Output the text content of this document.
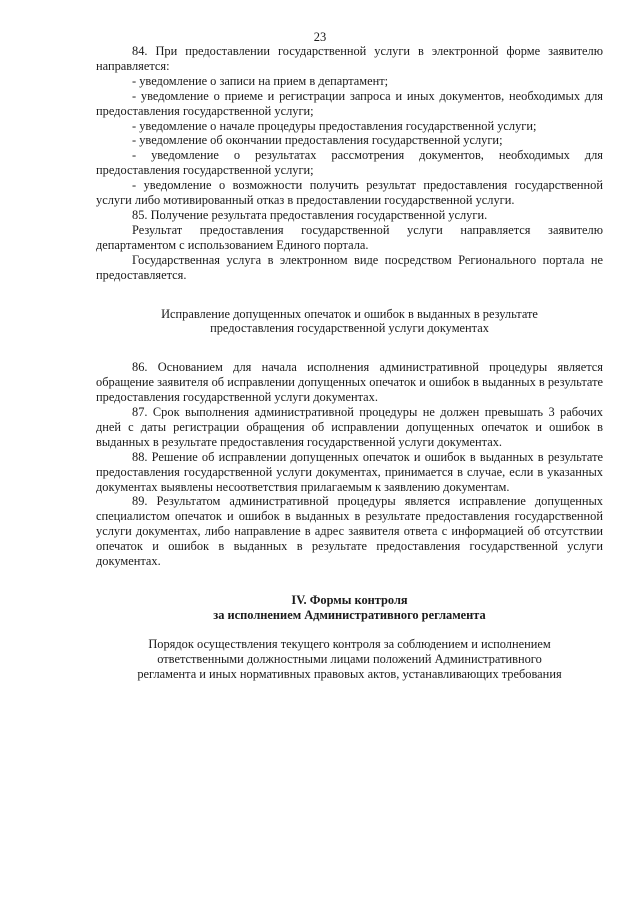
23

84. При предоставлении государственной услуги в электронной форме заявителю направляется:

- уведомление о записи на прием в департамент;

- уведомление о приеме и регистрации запроса и иных документов, необходимых для предоставления государственной услуги;

- уведомление о начале процедуры предоставления государственной услуги;

- уведомление об окончании предоставления государственной услуги;

- уведомление о результатах рассмотрения документов, необходимых для предоставления государственной услуги;

- уведомление о возможности получить результат предоставления государственной услуги либо мотивированный отказ в предоставлении государственной услуги.

85. Получение результата предоставления государственной услуги.

Результат предоставления государственной услуги направляется заявителю департаментом с использованием Единого портала.

Государственная услуга в электронном виде посредством Регионального портала не предоставляется.

Исправление допущенных опечаток и ошибок в выданных в результате
предоставления государственной услуги документах

86. Основанием для начала исполнения административной процедуры является обращение заявителя об исправлении допущенных опечаток и ошибок в выданных в результате предоставления государственной услуги документах.

87. Срок выполнения административной процедуры не должен превышать 3 рабочих дней с даты регистрации обращения об исправлении допущенных опечаток и ошибок в выданных в результате предоставления государственной услуги документах.

88. Решение об исправлении допущенных опечаток и ошибок в выданных в результате предоставления государственной услуги документах, принимается в случае, если в указанных документах выявлены несоответствия прилагаемым к заявлению документам.

89. Результатом административной процедуры является исправление допущенных специалистом опечаток и ошибок в выданных в результате предоставления государственной услуги документах, либо направление в адрес заявителя ответа с информацией об отсутствии опечаток и ошибок в выданных в результате предоставления государственной услуги документах.

IV. Формы контроля
за исполнением Административного регламента
Порядок осуществления текущего контроля за соблюдением и исполнением
ответственными должностными лицами положений Административного
регламента и иных нормативных правовых актов, устанавливающих требования
